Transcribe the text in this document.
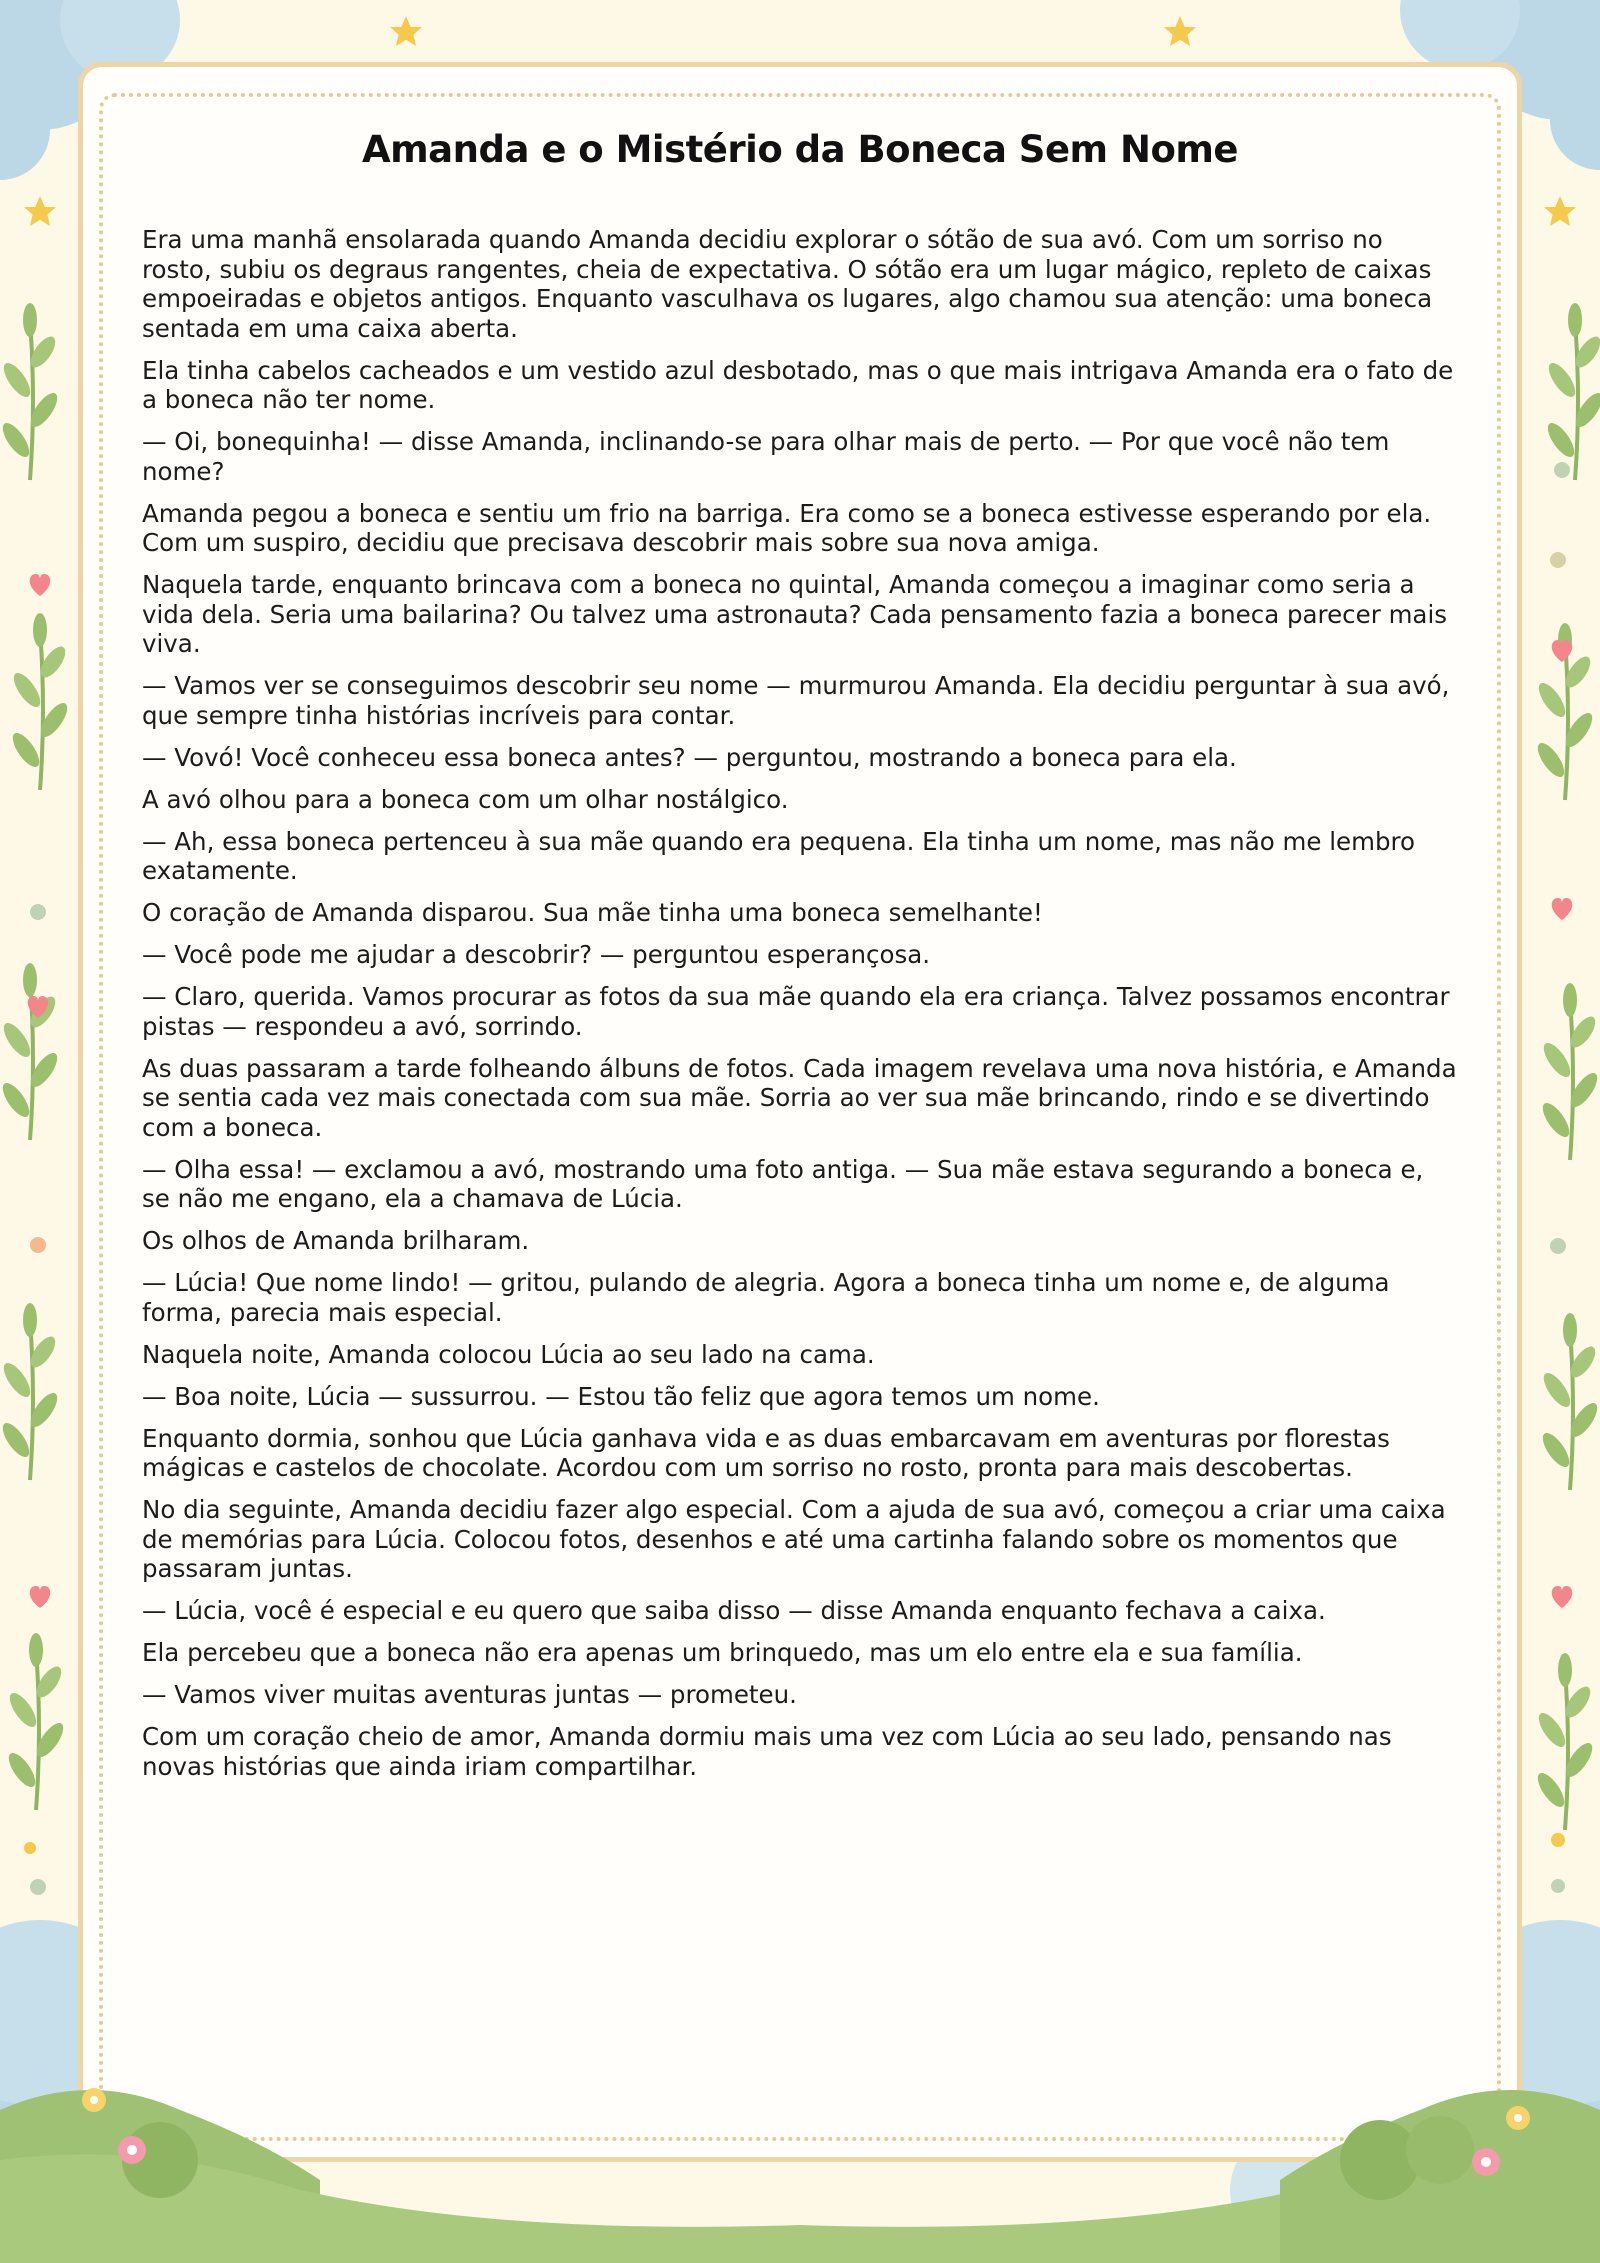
Amanda e o Mistério da Boneca Sem Nome

Era uma manhã ensolarada quando Amanda decidiu explorar o sótão de sua avó. Com um sorriso no rosto, subiu os degraus rangentes, cheia de expectativa. O sótão era um lugar mágico, repleto de caixas empoeiradas e objetos antigos. Enquanto vasculhava os lugares, algo chamou sua atenção: uma boneca sentada em uma caixa aberta.

Ela tinha cabelos cacheados e um vestido azul desbotado, mas o que mais intrigava Amanda era o fato de a boneca não ter nome.

— Oi, bonequinha! — disse Amanda, inclinando-se para olhar mais de perto. — Por que você não tem nome?

Amanda pegou a boneca e sentiu um frio na barriga. Era como se a boneca estivesse esperando por ela. Com um suspiro, decidiu que precisava descobrir mais sobre sua nova amiga.

Naquela tarde, enquanto brincava com a boneca no quintal, Amanda começou a imaginar como seria a vida dela. Seria uma bailarina? Ou talvez uma astronauta? Cada pensamento fazia a boneca parecer mais viva.

— Vamos ver se conseguimos descobrir seu nome — murmurou Amanda. Ela decidiu perguntar à sua avó, que sempre tinha histórias incríveis para contar.

— Vovó! Você conheceu essa boneca antes? — perguntou, mostrando a boneca para ela.

A avó olhou para a boneca com um olhar nostálgico.

— Ah, essa boneca pertenceu à sua mãe quando era pequena. Ela tinha um nome, mas não me lembro exatamente.

O coração de Amanda disparou. Sua mãe tinha uma boneca semelhante!

— Você pode me ajudar a descobrir? — perguntou esperançosa.

— Claro, querida. Vamos procurar as fotos da sua mãe quando ela era criança. Talvez possamos encontrar pistas — respondeu a avó, sorrindo.

As duas passaram a tarde folheando álbuns de fotos. Cada imagem revelava uma nova história, e Amanda se sentia cada vez mais conectada com sua mãe. Sorria ao ver sua mãe brincando, rindo e se divertindo com a boneca.

— Olha essa! — exclamou a avó, mostrando uma foto antiga. — Sua mãe estava segurando a boneca e, se não me engano, ela a chamava de Lúcia.

Os olhos de Amanda brilharam.

— Lúcia! Que nome lindo! — gritou, pulando de alegria. Agora a boneca tinha um nome e, de alguma forma, parecia mais especial.

Naquela noite, Amanda colocou Lúcia ao seu lado na cama.

— Boa noite, Lúcia — sussurrou. — Estou tão feliz que agora temos um nome.

Enquanto dormia, sonhou que Lúcia ganhava vida e as duas embarcavam em aventuras por florestas mágicas e castelos de chocolate. Acordou com um sorriso no rosto, pronta para mais descobertas.

No dia seguinte, Amanda decidiu fazer algo especial. Com a ajuda de sua avó, começou a criar uma caixa de memórias para Lúcia. Colocou fotos, desenhos e até uma cartinha falando sobre os momentos que passaram juntas.

— Lúcia, você é especial e eu quero que saiba disso — disse Amanda enquanto fechava a caixa.

Ela percebeu que a boneca não era apenas um brinquedo, mas um elo entre ela e sua família.

— Vamos viver muitas aventuras juntas — prometeu.

Com um coração cheio de amor, Amanda dormiu mais uma vez com Lúcia ao seu lado, pensando nas novas histórias que ainda iriam compartilhar.
